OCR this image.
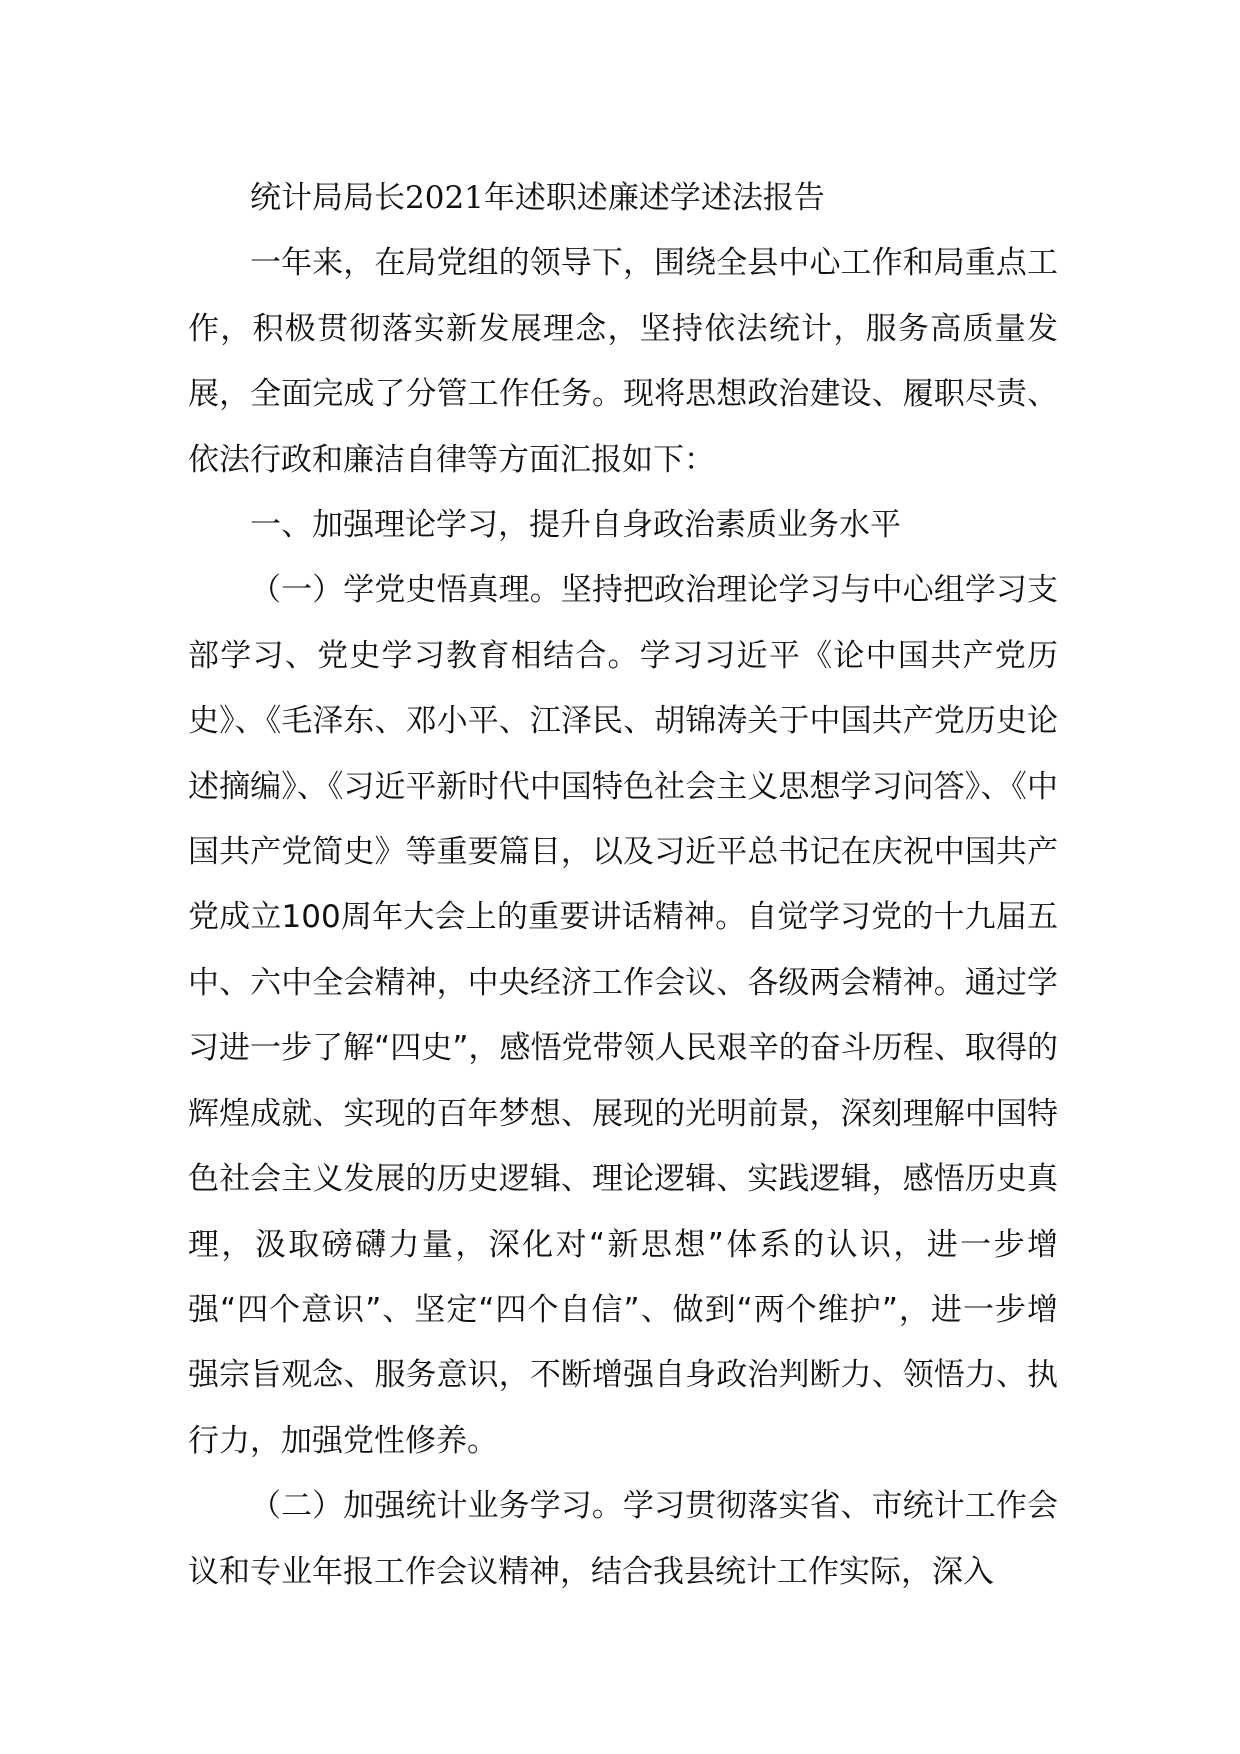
统计局局长2021年述职述廉述学述法报告

一年来，在局党组的领导下，围绕全县中心工作和局重点工作，积极贯彻落实新发展理念，坚持依法统计，服务高质量发展，全面完成了分管工作任务。现将思想政治建设、履职尽责、依法行政和廉洁自律等方面汇报如下：

一、加强理论学习，提升自身政治素质业务水平

（一）学党史悟真理。坚持把政治理论学习与中心组学习支部学习、党史学习教育相结合。学习习近平《论中国共产党历史》、《毛泽东、邓小平、江泽民、胡锦涛关于中国共产党历史论述摘编》、《习近平新时代中国特色社会主义思想学习问答》、《中国共产党简史》等重要篇目，以及习近平总书记在庆祝中国共产党成立100周年大会上的重要讲话精神。自觉学习党的十九届五中、六中全会精神，中央经济工作会议、各级两会精神。通过学习进一步了解“四史”，感悟党带领人民艰辛的奋斗历程、取得的辉煌成就、实现的百年梦想、展现的光明前景，深刻理解中国特色社会主义发展的历史逻辑、理论逻辑、实践逻辑，感悟历史真理，汲取磅礴力量，深化对“新思想”体系的认识，进一步增强“四个意识”、坚定“四个自信”、做到“两个维护”，进一步增强宗旨观念、服务意识，不断增强自身政治判断力、领悟力、执行力，加强党性修养。

（二）加强统计业务学习。学习贯彻落实省、市统计工作会议和专业年报工作会议精神，结合我县统计工作实际，深入
